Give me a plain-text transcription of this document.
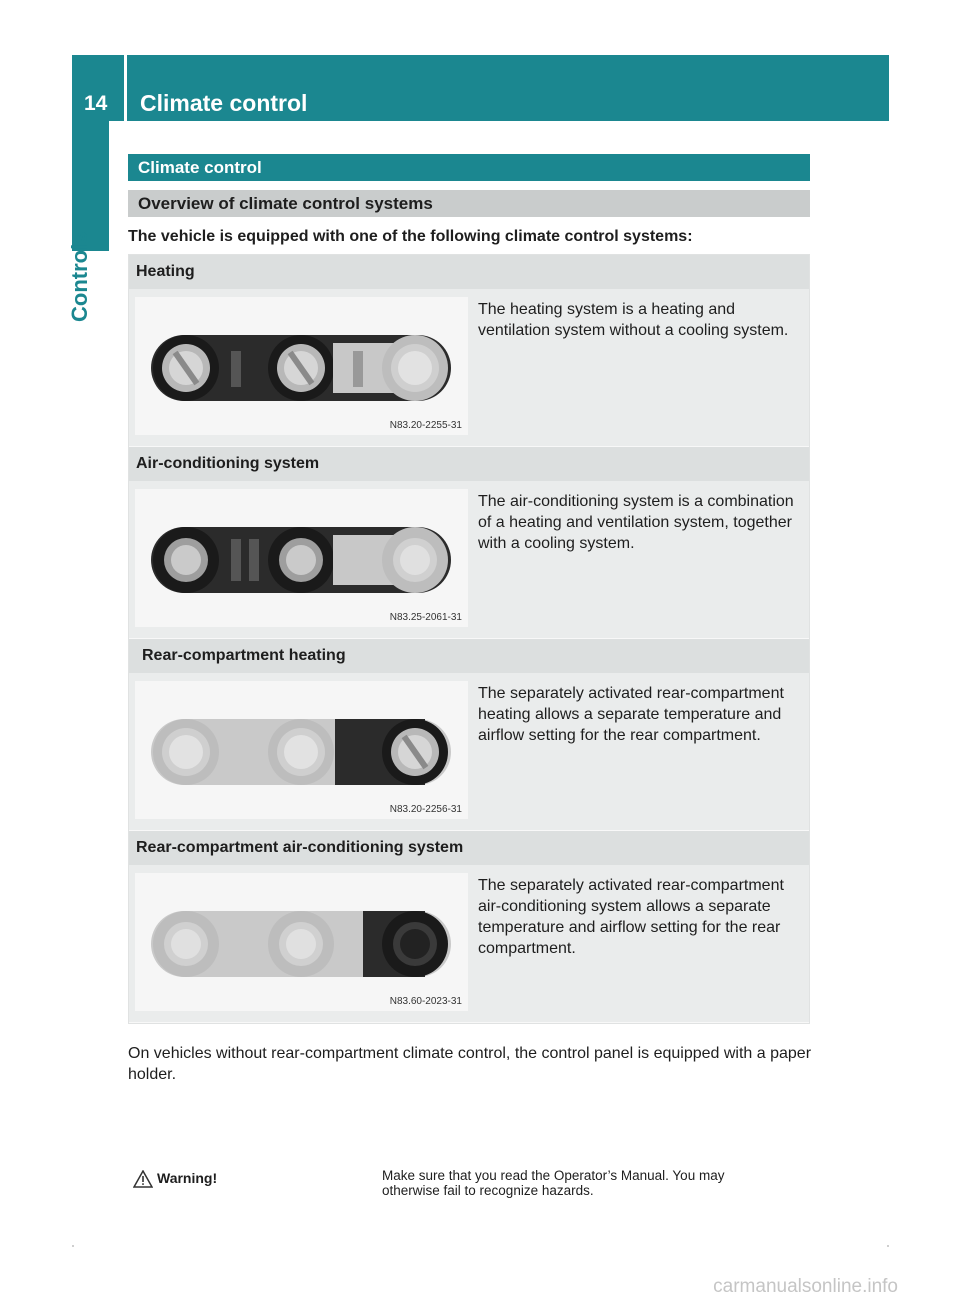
14 Climate control
Controls
Climate control
Overview of climate control systems
The vehicle is equipped with one of the following climate control systems:
Heating
N83.20-2255-31
The heating system is a heating and ventilation system without a cooling system.
Air-conditioning system
N83.25-2061-31
The air-conditioning system is a combination of a heating and ventilation system, together with a cooling system.
Rear-compartment heating
N83.20-2256-31
The separately activated rear-compartment heating allows a separate temperature and airflow setting for the rear compartment.
Rear-compartment air-conditioning system
N83.60-2023-31
The separately activated rear-compartment air-conditioning system allows a separate temperature and airflow setting for the rear compartment.
On vehicles without rear-compartment climate control, the control panel is equipped with a paper holder.
Warning!	Make sure that you read the Operator’s Manual. You may otherwise fail to recognize hazards.
carmanualsonline.info
